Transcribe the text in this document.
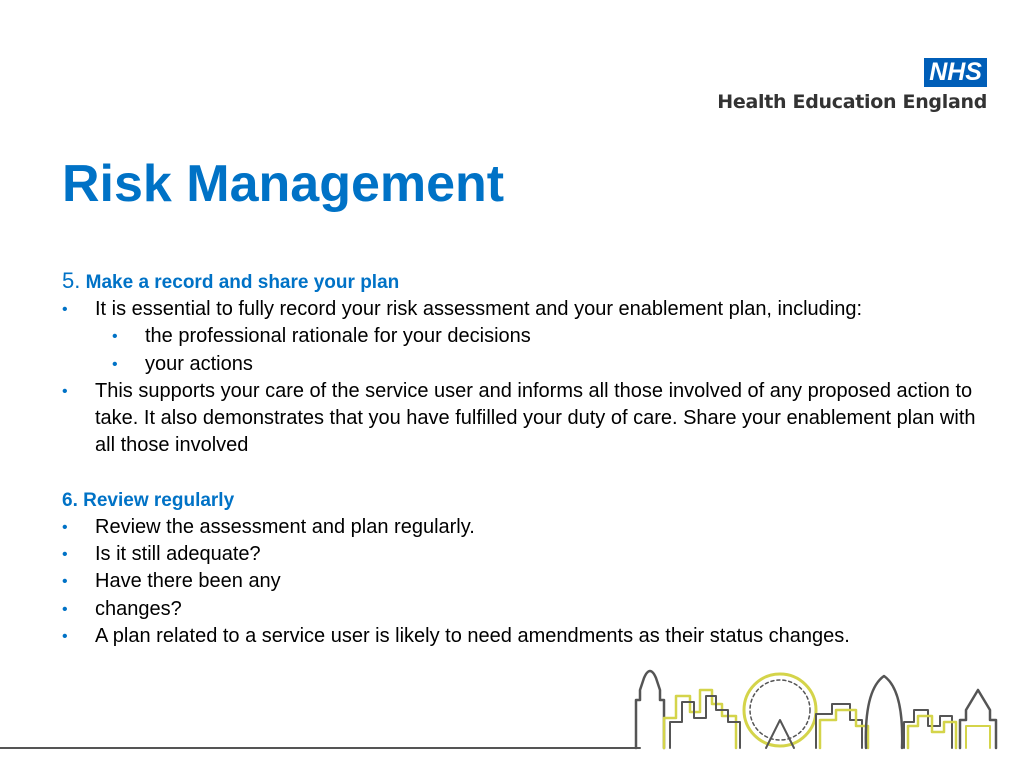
NHS
Health Education England
Risk Management

5. Make a record and share your plan

• It is essential to fully record your risk assessment and your enablement plan, including:
• the professional rationale for your decisions
• your actions
• This supports your care of the service user and informs all those involved of any proposed action to take. It also demonstrates that you have fulfilled your duty of care. Share your enablement plan with all those involved

6. Review regularly

• Review the assessment and plan regularly.
• Is it still adequate?
• Have there been any
• changes?
• A plan related to a service user is likely to need amendments as their status changes.
